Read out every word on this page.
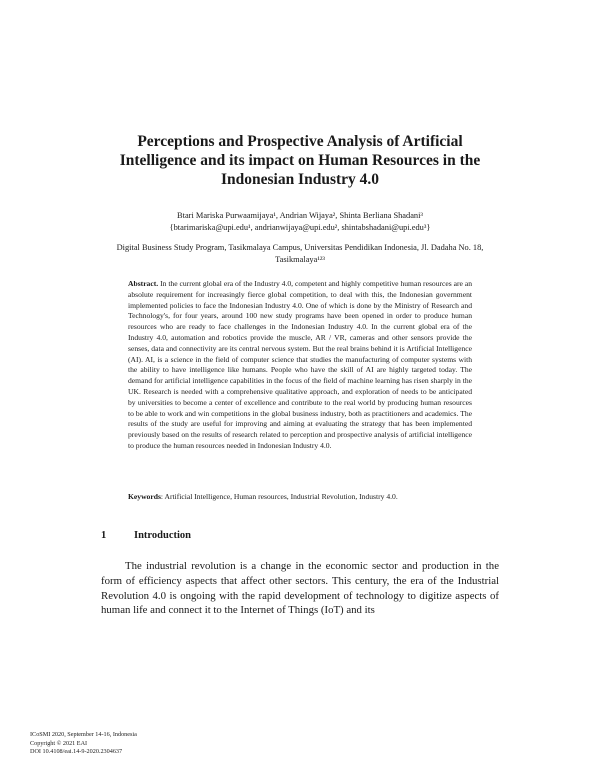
Perceptions and Prospective Analysis of Artificial Intelligence and its impact on Human Resources in the Indonesian Industry 4.0
Btari Mariska Purwaamijaya¹, Andrian Wijaya², Shinta Berliana Shadani³
{btarimariska@upi.edu¹, andrianwijaya@upi.edu², shintabshadani@upi.edu³}
Digital Business Study Program, Tasikmalaya Campus, Universitas Pendidikan Indonesia, Jl. Dadaha No. 18, Tasikmalaya¹²³
Abstract. In the current global era of the Industry 4.0, competent and highly competitive human resources are an absolute requirement for increasingly fierce global competition, to deal with this, the Indonesian government implemented policies to face the Indonesian Industry 4.0. One of which is done by the Ministry of Research and Technology's, for four years, around 100 new study programs have been opened in order to produce human resources who are ready to face challenges in the Indonesian Industry 4.0. In the current global era of the Industry 4.0, automation and robotics provide the muscle, AR / VR, cameras and other sensors provide the senses, data and connectivity are its central nervous system. But the real brains behind it is Artificial Intelligence (AI). AI, is a science in the field of computer science that studies the manufacturing of computer systems with the ability to have intelligence like humans. People who have the skill of AI are highly targeted today. The demand for artificial intelligence capabilities in the focus of the field of machine learning has risen sharply in the UK. Research is needed with a comprehensive qualitative approach, and exploration of needs to be anticipated by universities to become a center of excellence and contribute to the real world by producing human resources to be able to work and win competitions in the global business industry, both as practitioners and academics. The results of the study are useful for improving and aiming at evaluating the strategy that has been implemented previously based on the results of research related to perception and prospective analysis of artificial intelligence to produce the human resources needed in Indonesian Industry 4.0.
Keywords: Artificial Intelligence, Human resources, Industrial Revolution, Industry 4.0.
1	Introduction
The industrial revolution is a change in the economic sector and production in the form of efficiency aspects that affect other sectors. This century, the era of the Industrial Revolution 4.0 is ongoing with the rapid development of technology to digitize aspects of human life and connect it to the Internet of Things (IoT) and its
ICoSMI 2020, September 14-16, Indonesia
Copyright © 2021 EAI
DOI 10.4108/eai.14-9-2020.2304637
